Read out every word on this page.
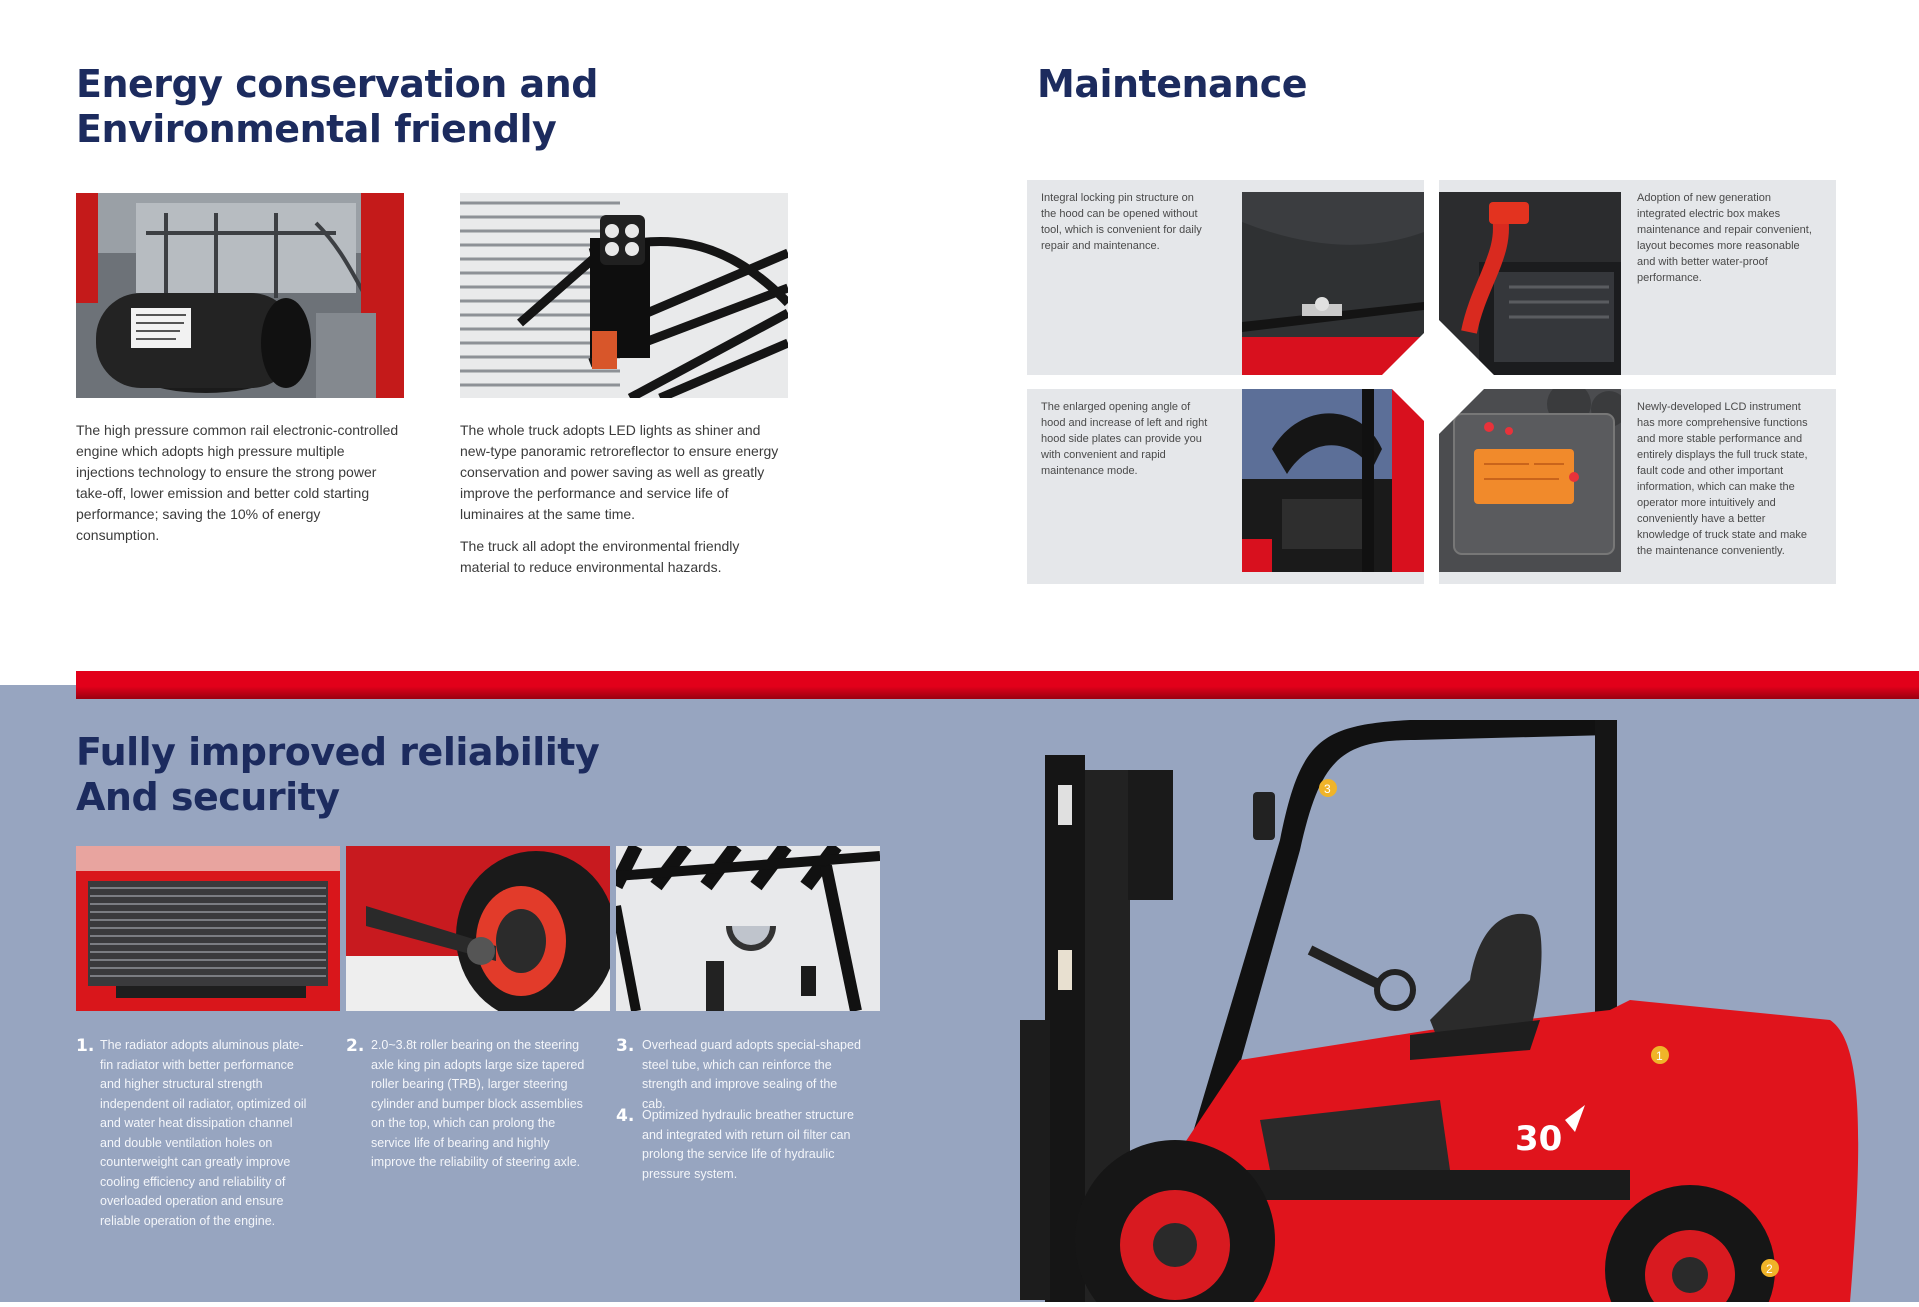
Energy conservation and
Environmental friendly
The high pressure common rail electronic-controlled engine which adopts high pressure multiple injections technology to ensure the strong power take-off, lower emission and better cold starting performance; saving the 10% of energy consumption.
The whole truck adopts LED lights as shiner and new-type panoramic retroreflector to ensure energy conservation and power saving as well as greatly improve the performance and service life of luminaires at the same time.
The truck all adopt the environmental friendly material to reduce environmental hazards.
Maintenance
Integral locking pin structure on the hood can be opened without tool, which is convenient for daily repair and maintenance.
Adoption of new generation integrated electric box makes maintenance and repair convenient, layout becomes more reasonable and with better water-proof performance.
The enlarged opening angle of hood and increase of left and right hood side plates can provide you with convenient and rapid maintenance mode.
Newly-developed LCD instrument has more comprehensive functions and more stable performance and entirely displays the full truck state, fault code and other important information, which can make the operator more intuitively and conveniently have a better knowledge of truck state and make the maintenance conveniently.
Fully improved reliability
And security
1. The radiator adopts aluminous plate-fin radiator with better performance and higher structural strength independent oil radiator, optimized oil and water heat dissipation channel and double ventilation holes on counterweight can greatly improve cooling efficiency and reliability of overloaded operation and ensure reliable operation of the engine.
2. 2.0~3.8t roller bearing on the steering axle king pin adopts large size tapered roller bearing (TRB), larger steering cylinder and bumper block assemblies on the top, which can prolong the service life of bearing and highly improve the reliability of steering axle.
3. Overhead guard adopts special-shaped steel tube, which can reinforce the strength and improve sealing of the cab.
4. Optimized hydraulic breather structure and integrated with return oil filter can prolong the service life of hydraulic pressure system.
30
1
2
3
